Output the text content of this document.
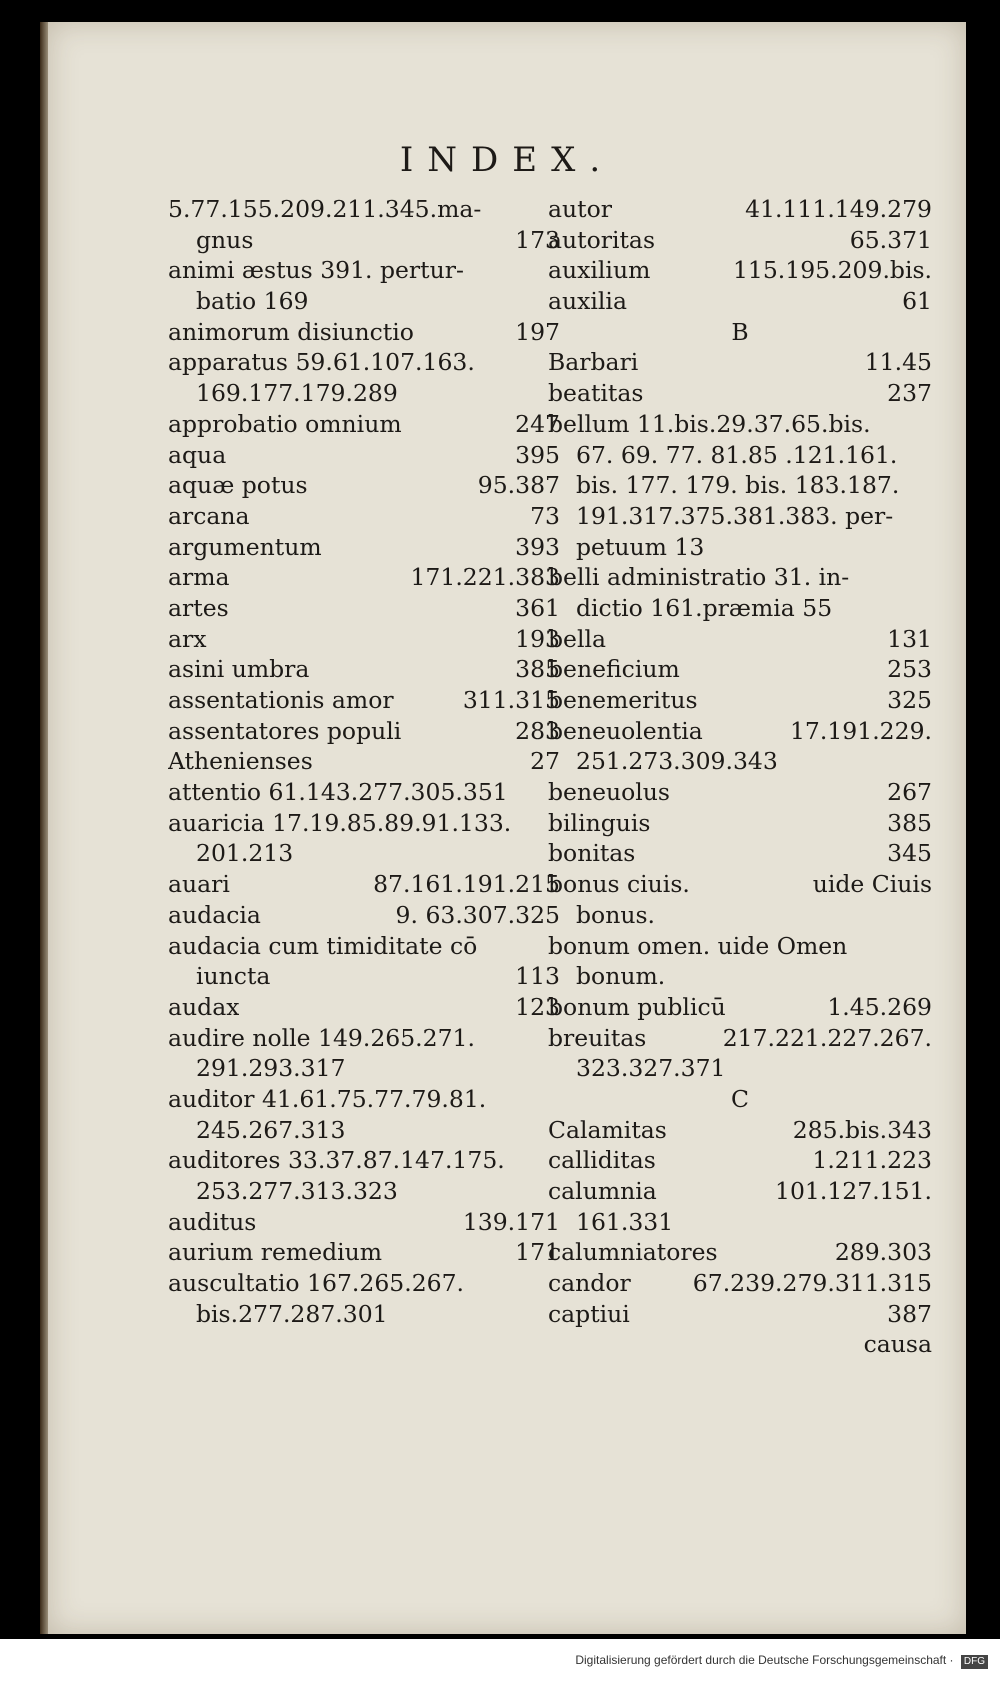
INDEX.
5.77.155.209.211.345.ma-
gnus	173
animi æstus 391. pertur-
batio 169
animorum disiunctio	197
apparatus 59.61.107.163.
169.177.179.289
approbatio omnium	247
aqua	395
aquæ potus	95.387
arcana	73
argumentum	393
arma	171.221.383
artes	361
arx	193
asini umbra	385
assentationis amor	311.315
assentatores populi	283
Athenienses	27
attentio 61.143.277.305.351
auaricia 17.19.85.89.91.133.
201.213
auari	87.161.191.215
audacia	9. 63.307.325
audacia cum timiditate cō
iuncta	113
audax	123
audire nolle 149.265.271.
291.293.317
auditor 41.61.75.77.79.81.
245.267.313
auditores 33.37.87.147.175.
253.277.313.323
auditus	139.171
aurium remedium	171
auscultatio 167.265.267.
bis.277.287.301
autor	41.111.149.279
autoritas	65.371
auxilium	115.195.209.bis.
auxilia	61
B
Barbari	11.45
beatitas	237
bellum 11.bis.29.37.65.bis.
67. 69. 77. 81.85 .121.161.
bis. 177. 179. bis. 183.187.
191.317.375.381.383. per-
petuum 13
belli administratio 31. in-
dictio 161.præmia 55
bella	131
beneficium	253
benemeritus	325
beneuolentia	17.191.229.
251.273.309.343
beneuolus	267
bilinguis	385
bonitas	345
bonus ciuis.	uide Ciuis
bonus.
bonum omen. uide Omen
bonum.
bonum publicū	1.45.269
breuitas	217.221.227.267.
323.327.371
C
Calamitas	285.bis.343
calliditas	1.211.223
calumnia	101.127.151.
161.331
calumniatores	289.303
candor	67.239.279.311.315
captiui	387
causa
Digitalisierung gefördert durch die Deutsche Forschungsgemeinschaft · DFG
